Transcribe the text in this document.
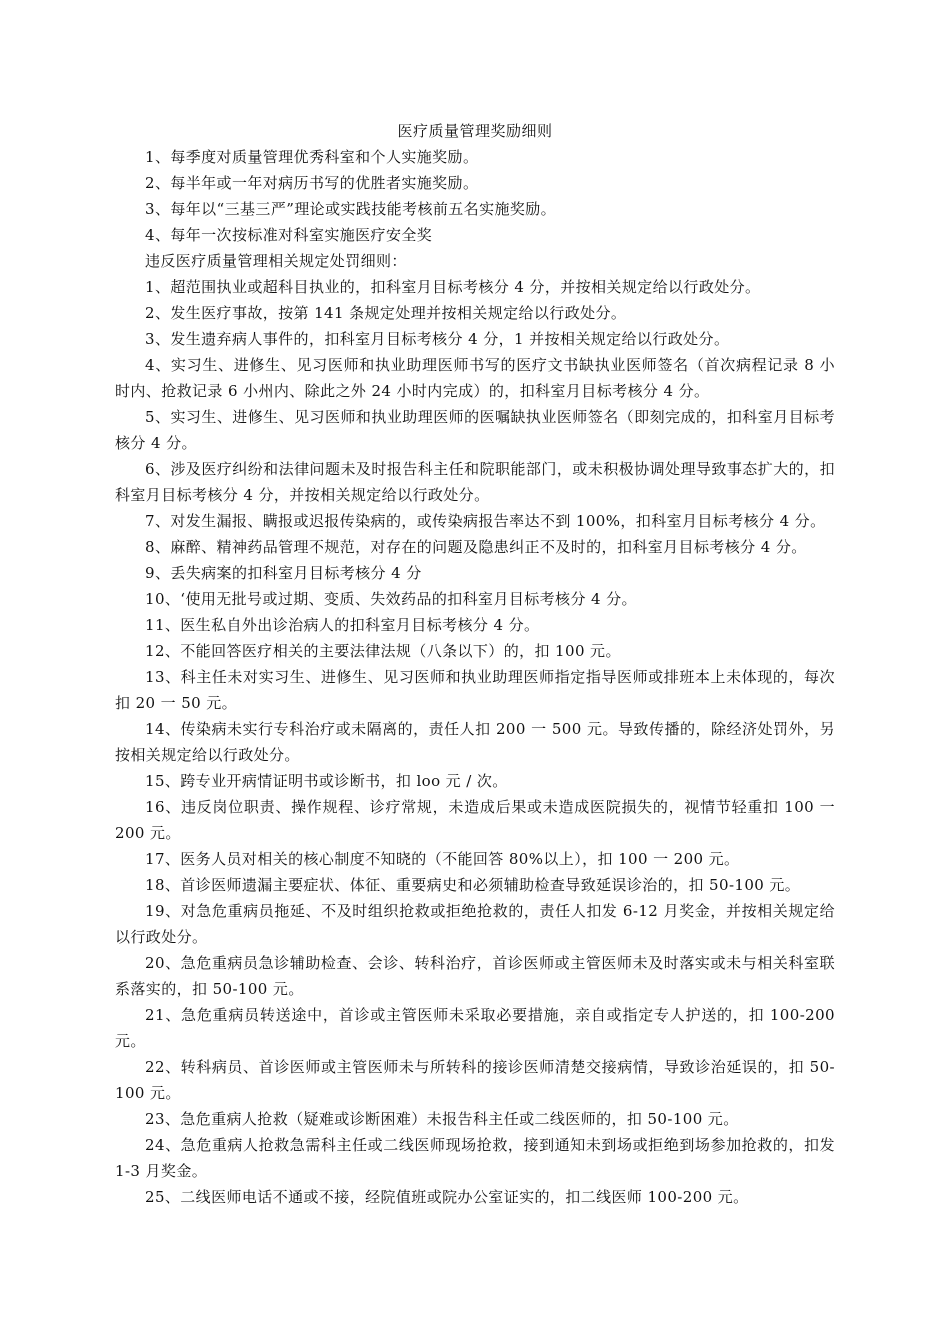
医疗质量管理奖励细则

1、每季度对质量管理优秀科室和个人实施奖励。

2、每半年或一年对病历书写的优胜者实施奖励。

3、每年以“三基三严”理论或实践技能考核前五名实施奖励。

4、每年一次按标准对科室实施医疗安全奖

违反医疗质量管理相关规定处罚细则：

1、超范围执业或超科目执业的，扣科室月目标考核分 4 分，并按相关规定给以行政处分。

2、发生医疗事故，按第 141 条规定处理并按相关规定给以行政处分。

3、发生遗弃病人事件的，扣科室月目标考核分 4 分，1 并按相关规定给以行政处分。

4、实习生、进修生、见习医师和执业助理医师书写的医疗文书缺执业医师签名（首次病程记录 8 小时内、抢救记录 6 小州内、除此之外 24 小时内完成）的，扣科室月目标考核分 4 分。

5、实习生、进修生、见习医师和执业助理医师的医嘱缺执业医师签名（即刻完成的，扣科室月目标考核分 4 分。

6、涉及医疗纠纷和法律问题未及时报告科主任和院职能部门，或未积极协调处理导致事态扩大的，扣科室月目标考核分 4 分，并按相关规定给以行政处分。

7、对发生漏报、瞒报或迟报传染病的，或传染病报告率达不到 100%，扣科室月目标考核分 4 分。

8、麻醉、精神药品管理不规范，对存在的问题及隐患纠正不及时的，扣科室月目标考核分 4 分。

9、丢失病案的扣科室月目标考核分 4 分

10、‘使用无批号或过期、变质、失效药品的扣科室月目标考核分 4 分。

11、医生私自外出诊治病人的扣科室月目标考核分 4 分。

12、不能回答医疗相关的主要法律法规（八条以下）的，扣 100 元。

13、科主任未对实习生、进修生、见习医师和执业助理医师指定指导医师或排班本上未体现的，每次扣 20 一 50 元。

14、传染病未实行专科治疗或未隔离的，责任人扣 200 一 500 元。导致传播的，除经济处罚外，另按相关规定给以行政处分。

15、跨专业开病情证明书或诊断书，扣 loo 元 / 次。

16、违反岗位职责、操作规程、诊疗常规，未造成后果或未造成医院损失的，视情节轻重扣 100 一 200 元。

17、医务人员对相关的核心制度不知晓的（不能回答 80%以上），扣 100 一 200 元。

18、首诊医师遗漏主要症状、体征、重要病史和必须辅助检查导致延误诊治的，扣 50-100 元。

19、对急危重病员拖延、不及时组织抢救或拒绝抢救的，责任人扣发 6-12 月奖金，并按相关规定给以行政处分。

20、急危重病员急诊辅助检查、会诊、转科治疗，首诊医师或主管医师未及时落实或未与相关科室联系落实的，扣 50-100 元。

21、急危重病员转送途中，首诊或主管医师未采取必要措施，亲自或指定专人护送的，扣 100-200 元。

22、转科病员、首诊医师或主管医师未与所转科的接诊医师清楚交接病情，导致诊治延误的，扣 50-100 元。

23、急危重病人抢救（疑难或诊断困难）未报告科主任或二线医师的，扣 50-100 元。

24、急危重病人抢救急需科主任或二线医师现场抢救，接到通知未到场或拒绝到场参加抢救的，扣发 1-3 月奖金。

25、二线医师电话不通或不接，经院值班或院办公室证实的，扣二线医师 100-200 元。
